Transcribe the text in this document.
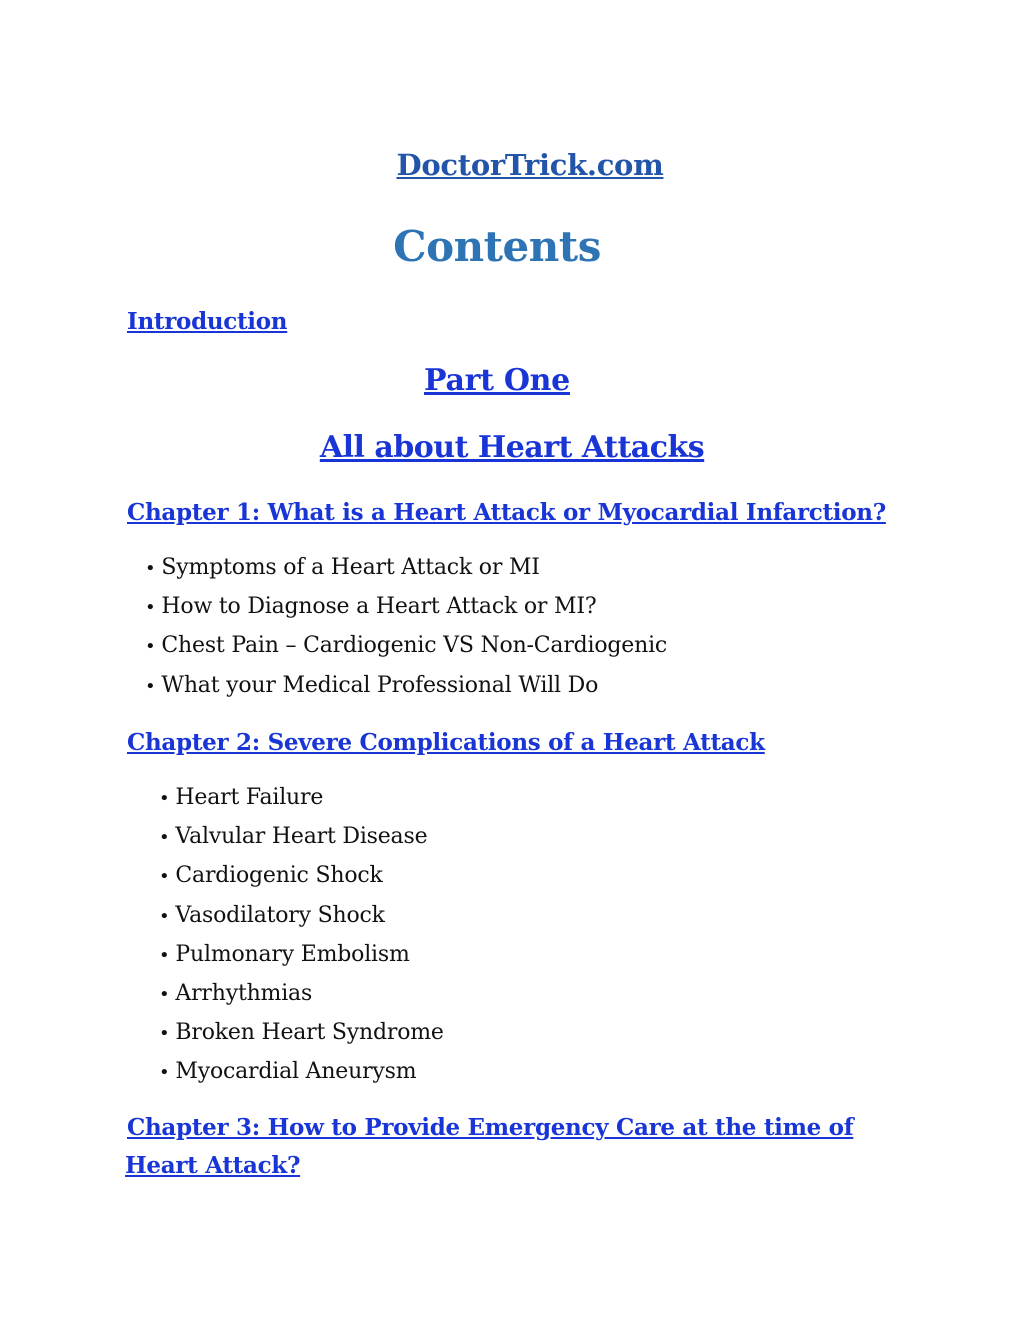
DoctorTrick.com
Contents
Introduction
Part One
All about Heart Attacks
Chapter 1: What is a Heart Attack or Myocardial Infarction?
• Symptoms of a Heart Attack or MI
• How to Diagnose a Heart Attack or MI?
• Chest Pain – Cardiogenic VS Non-Cardiogenic
• What your Medical Professional Will Do
Chapter 2: Severe Complications of a Heart Attack
• Heart Failure
• Valvular Heart Disease
• Cardiogenic Shock
• Vasodilatory Shock
• Pulmonary Embolism
• Arrhythmias
• Broken Heart Syndrome
• Myocardial Aneurysm
Chapter 3: How to Provide Emergency Care at the time of
Heart Attack?
